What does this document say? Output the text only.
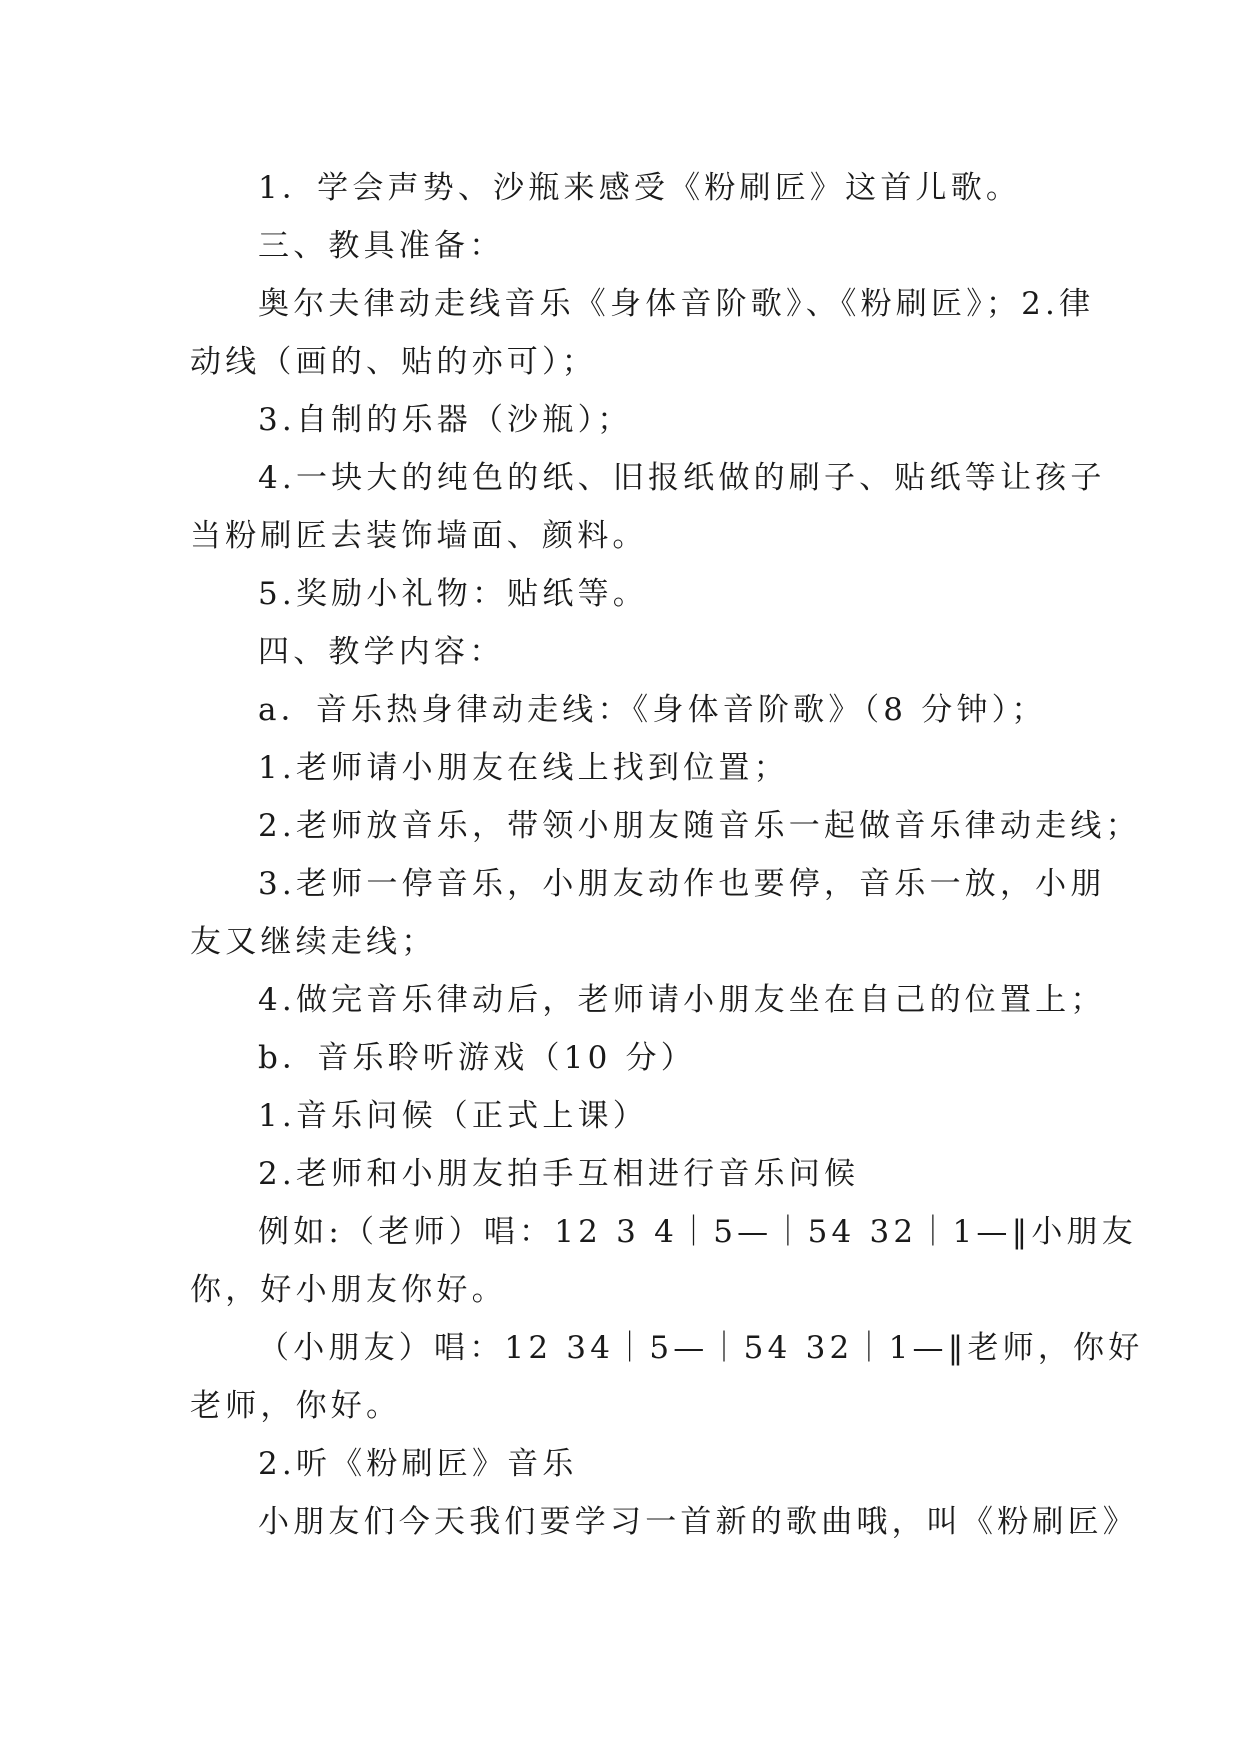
1．学会声势、沙瓶来感受《粉刷匠》这首儿歌。
三、教具准备：
奥尔夫律动走线音乐《身体音阶歌》、《粉刷匠》；2.律
动线（画的、贴的亦可）；
3.自制的乐器（沙瓶）；
4.一块大的纯色的纸、旧报纸做的刷子、贴纸等让孩子
当粉刷匠去装饰墙面、颜料。
5.奖励小礼物：贴纸等。
四、教学内容：
a．音乐热身律动走线：《身体音阶歌》（8 分钟）；
1.老师请小朋友在线上找到位置；
2.老师放音乐，带领小朋友随音乐一起做音乐律动走线；
3.老师一停音乐，小朋友动作也要停，音乐一放，小朋
友又继续走线；
4.做完音乐律动后，老师请小朋友坐在自己的位置上；
b．音乐聆听游戏（10 分）
1.音乐问候（正式上课）
2.老师和小朋友拍手互相进行音乐问候
例如:（老师）唱：12 3 4｜5—｜54 32｜1—‖小朋友
你，好小朋友你好。
（小朋友）唱：12 34｜5—｜54 32｜1—‖老师，你好
老师，你好。
2.听《粉刷匠》音乐
小朋友们今天我们要学习一首新的歌曲哦，叫《粉刷匠》
